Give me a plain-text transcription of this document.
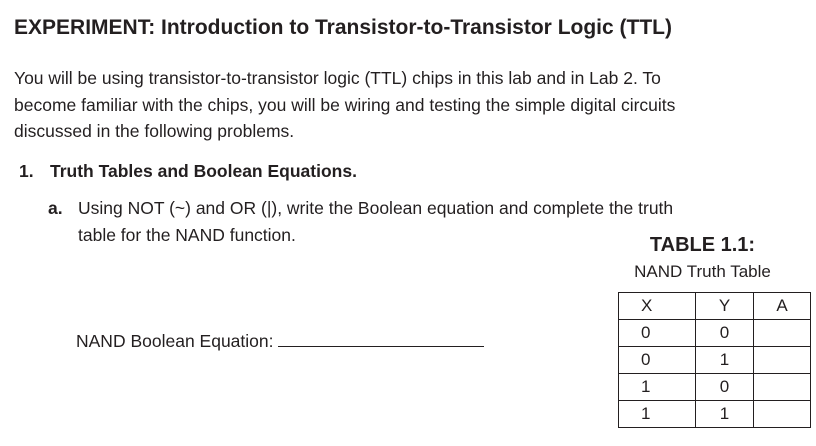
EXPERIMENT: Introduction to Transistor-to-Transistor Logic (TTL)
You will be using transistor-to-transistor logic (TTL) chips in this lab and in Lab 2. To
become familiar with the chips, you will be wiring and testing the simple digital circuits
discussed in the following problems.
1. Truth Tables and Boolean Equations.
a. Using NOT (~) and OR (|), write the Boolean equation and complete the truth
table for the NAND function.	TABLE 1.1:
NAND Truth Table
X	Y	A
0	0	
0	1	
1	0	
1	1	
NAND Boolean Equation:
